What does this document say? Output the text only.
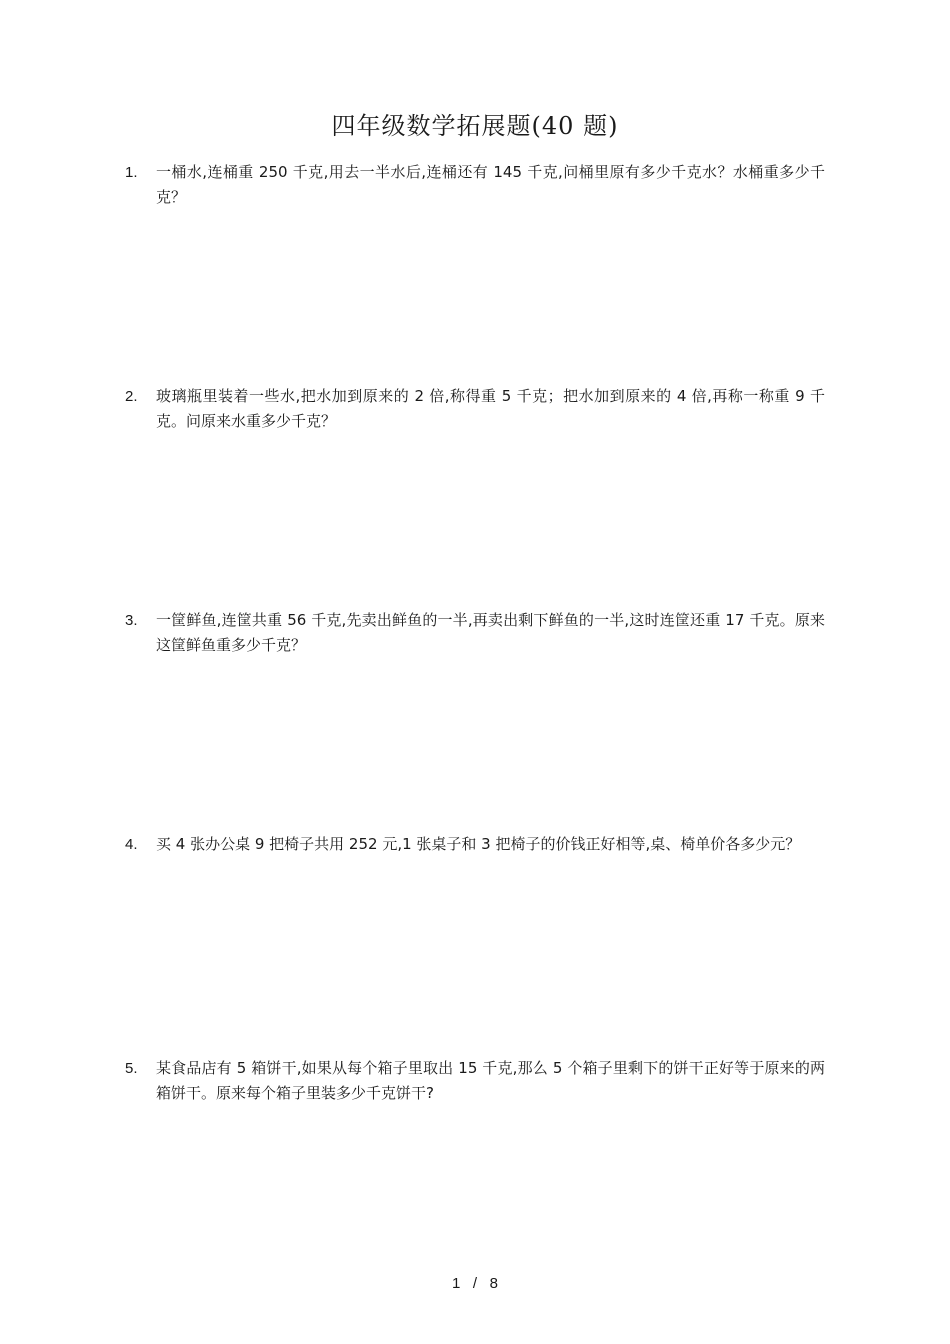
四年级数学拓展题(40 题)
1.	一桶水,连桶重 250 千克,用去一半水后,连桶还有 145 千克,问桶里原有多少千克水？水桶重多少千克？
2.	玻璃瓶里装着一些水,把水加到原来的 2 倍,称得重 5 千克；把水加到原来的 4 倍,再称一称重 9 千克。问原来水重多少千克？
3.	一筐鲜鱼,连筐共重 56 千克,先卖出鲜鱼的一半,再卖出剩下鲜鱼的一半,这时连筐还重 17 千克。原来这筐鲜鱼重多少千克？
4.	买 4 张办公桌 9 把椅子共用 252 元,1 张桌子和 3 把椅子的价钱正好相等,桌、椅单价各多少元？
5.	某食品店有 5 箱饼干,如果从每个箱子里取出 15 千克,那么 5 个箱子里剩下的饼干正好等于原来的两箱饼干。原来每个箱子里装多少千克饼干?
1 / 8
